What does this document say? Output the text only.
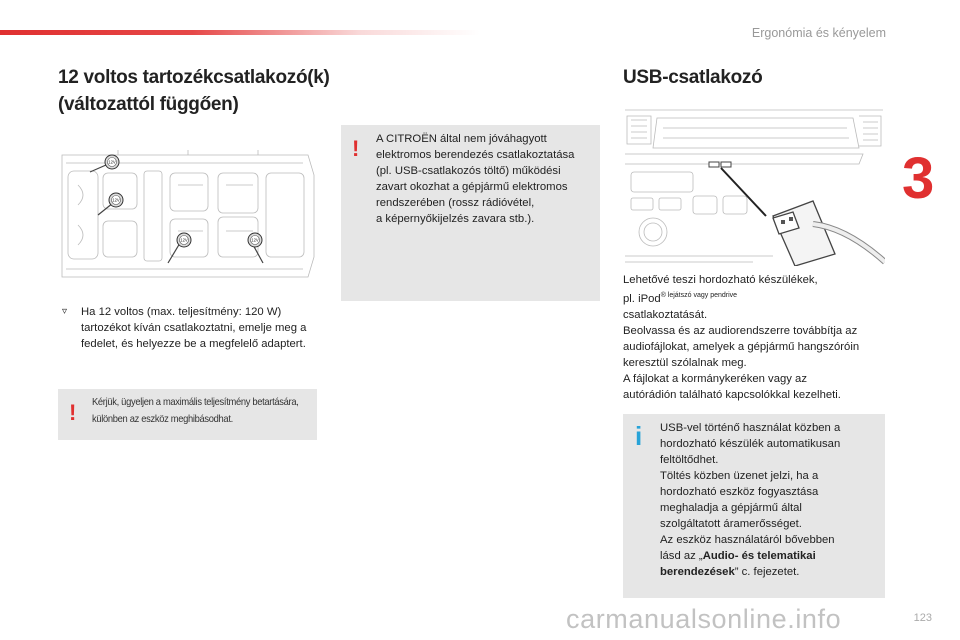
Ergonómia és kényelem
3
12 voltos tartozékcsatlakozó(k)
(változattól függően)
12V
12V
12V	12V
▿	Ha 12 voltos (max. teljesítmény: 120 W) tartozékot kíván csatlakoztatni, emelje meg a fedelet, és helyezze be a megfelelő adaptert.
! Kérjük, ügyeljen a maximális teljesítmény betartására, különben az eszköz meghibásodhat.
! A CITROËN által nem jóváhagyott
elektromos berendezés csatlakoztatása
(pl. USB-csatlakozós töltő) működési
zavart okozhat a gépjármű elektromos
rendszerében (rossz rádióvétel,
a képernyőkijelzés zavara stb.).
USB-csatlakozó
Lehetővé teszi hordozható készülékek,
pl. iPod$^{® lejátszó vagy pendrive}$
csatlakoztatását.
Beolvassa és az audiorendszerre továbbítja az
audiofájlokat, amelyek a gépjármű hangszóróin
keresztül szólalnak meg.
A fájlokat a kormánykeréken vagy az
autórádión található kapcsolókkal kezelheti.
i USB-vel történő használat közben a
hordozható készülék automatikusan
feltöltődhet.
Töltés közben üzenet jelzi, ha a
hordozható eszköz fogyasztása
meghaladja a gépjármű által
szolgáltatott áramerősséget.
Az eszköz használatáról bővebben
lásd az „Audio- és telematikai
berendezések” c. fejezetet.
123
carmanualsonline.info
